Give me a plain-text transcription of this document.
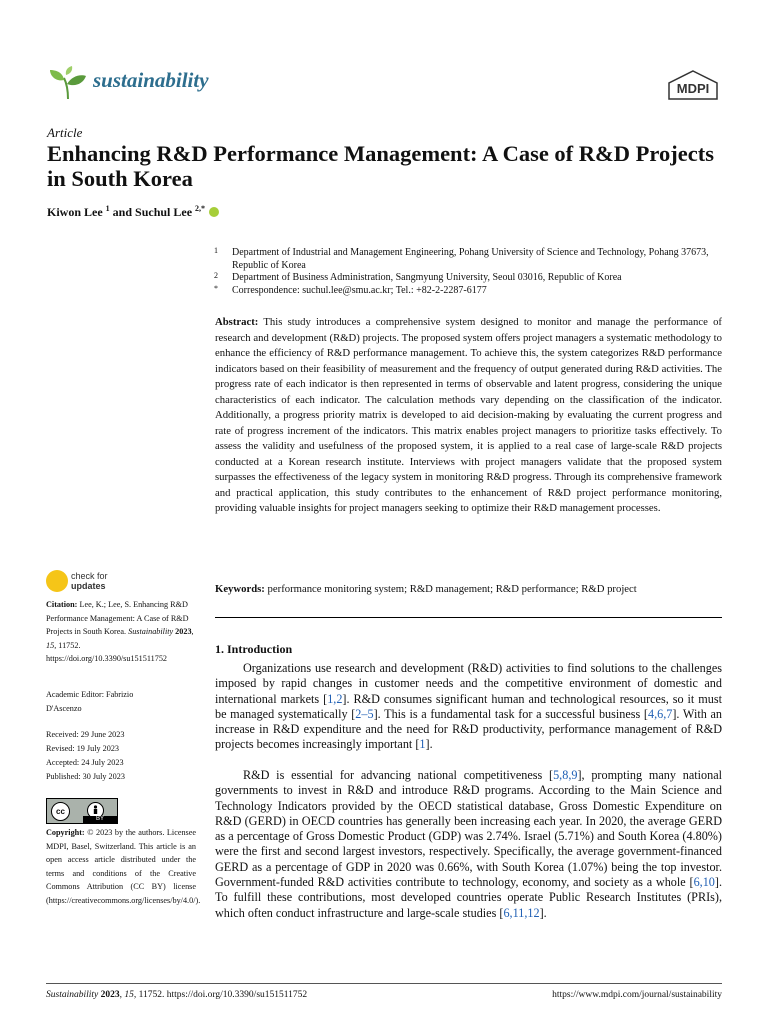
sustainability	MDPI
Article
Enhancing R&D Performance Management: A Case of R&D Projects in South Korea
Kiwon Lee $^1$ and Suchul Lee $^{2,*}$
1 Department of Industrial and Management Engineering, Pohang University of Science and Technology, Pohang 37673, Republic of Korea
2 Department of Business Administration, Sangmyung University, Seoul 03016, Republic of Korea
* Correspondence: suchul.lee@smu.ac.kr; Tel.: +82-2-2287-6177
Abstract: This study introduces a comprehensive system designed to monitor and manage the performance of research and development (R&D) projects. The proposed system offers project managers a systematic methodology to enhance the efficiency of R&D performance management. To achieve this, the system categorizes R&D performance indicators based on their feasibility of measurement and the frequency of output generated during R&D activities. The progress rate of each indicator is then represented in terms of observable and latent progress, considering the unique characteristics of each indicator. The calculation methods vary depending on the classification of the indicator. Additionally, a progress priority matrix is developed to aid decision-making by evaluating the current progress and rate of progress increment of the indicators. This matrix enables project managers to prioritize tasks effectively. To assess the validity and usefulness of the proposed system, it is applied to a real case of large-scale R&D projects conducted at a Korean research institute. Interviews with project managers validate that the proposed system surpasses the effectiveness of the legacy system in monitoring R&D progress. Through its comprehensive framework and practical application, this study contributes to the enhancement of R&D project performance monitoring, providing valuable insights for project managers seeking to optimize their R&D management processes.
Keywords: performance monitoring system; R&D management; R&D performance; R&D project
check for
updates
Citation: Lee, K.; Lee, S. Enhancing R&D Performance Management: A Case of R&D Projects in South Korea. Sustainability 2023, 15, 11752. https://doi.org/10.3390/su151511752
Academic Editor: Fabrizio D'Ascenzo
Received: 29 June 2023
Revised: 19 July 2023
Accepted: 24 July 2023
Published: 30 July 2023
cc
BY
Copyright: © 2023 by the authors. Licensee MDPI, Basel, Switzerland. This article is an open access article distributed under the terms and conditions of the Creative Commons Attribution (CC BY) license (https://creativecommons.org/licenses/by/4.0/).
1. Introduction
Organizations use research and development (R&D) activities to find solutions to the challenges imposed by rapid changes in customer needs and the competitive environment of domestic and international markets [1,2]. R&D consumes significant human and technological resources, so it must be managed systematically [2–5]. This is a fundamental task for a successful business [4,6,7]. With an increase in R&D expenditure and the need for R&D productivity, performance management of R&D projects becomes increasingly important [1].
R&D is essential for advancing national competitiveness [5,8,9], prompting many national governments to invest in R&D and introduce R&D programs. According to the Main Science and Technology Indicators provided by the OECD statistical database, Gross Domestic Expenditure on R&D (GERD) in OECD countries has generally been increasing each year. In 2020, the average GERD as a percentage of Gross Domestic Product (GDP) was 2.74%. Israel (5.71%) and South Korea (4.80%) were the first and second largest investors, respectively. Specifically, the average government-financed GERD as a percentage of GDP in 2020 was 0.66%, with South Korea (1.07%) being the top investor. Government-funded R&D activities contribute to technology, economy, and society as a whole [6,10]. To fulfill these contributions, most developed countries operate Public Research Institutes (PRIs), which often conduct infrastructure and large-scale studies [6,11,12].
Sustainability 2023, 15, 11752. https://doi.org/10.3390/su151511752	https://www.mdpi.com/journal/sustainability
